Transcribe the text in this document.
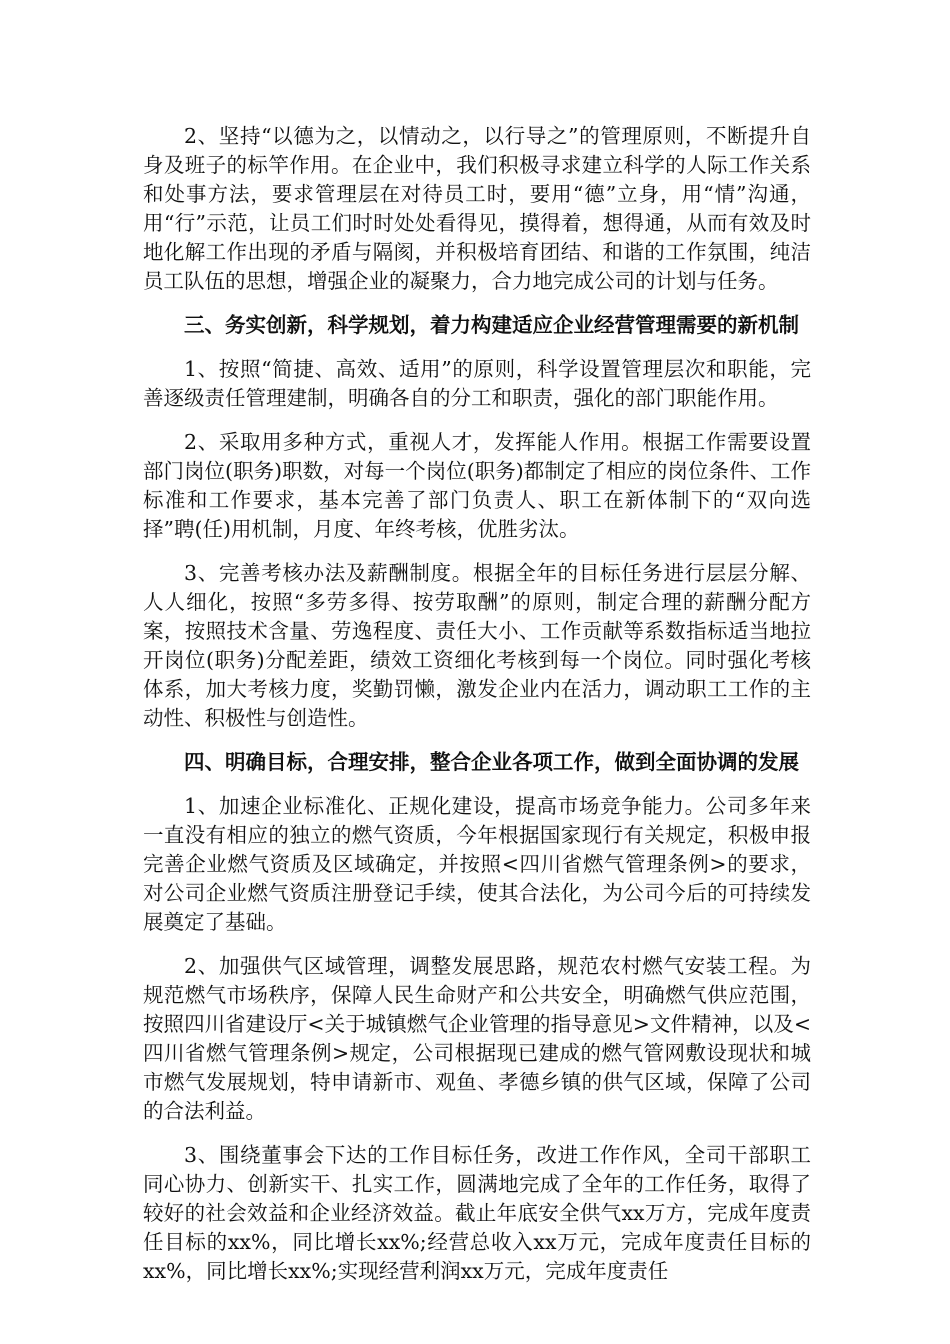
2、坚持“以德为之，以情动之，以行导之”的管理原则，不断提升自身及班子的标竿作用。在企业中，我们积极寻求建立科学的人际工作关系和处事方法，要求管理层在对待员工时，要用“德”立身，用“情”沟通，用“行”示范，让员工们时时处处看得见，摸得着，想得通，从而有效及时地化解工作出现的矛盾与隔阂，并积极培育团结、和谐的工作氛围，纯洁员工队伍的思想，增强企业的凝聚力，合力地完成公司的计划与任务。

三、务实创新，科学规划，着力构建适应企业经营管理需要的新机制

1、按照“简捷、高效、适用”的原则，科学设置管理层次和职能，完善逐级责任管理建制，明确各自的分工和职责，强化的部门职能作用。

2、采取用多种方式，重视人才，发挥能人作用。根据工作需要设置部门岗位(职务)职数，对每一个岗位(职务)都制定了相应的岗位条件、工作标准和工作要求，基本完善了部门负责人、职工在新体制下的“双向选择”聘(任)用机制，月度、年终考核，优胜劣汰。

3、完善考核办法及薪酬制度。根据全年的目标任务进行层层分解、人人细化，按照“多劳多得、按劳取酬”的原则，制定合理的薪酬分配方案，按照技术含量、劳逸程度、责任大小、工作贡献等系数指标适当地拉开岗位(职务)分配差距，绩效工资细化考核到每一个岗位。同时强化考核体系，加大考核力度，奖勤罚懒，激发企业内在活力，调动职工工作的主动性、积极性与创造性。

四、明确目标，合理安排，整合企业各项工作，做到全面协调的发展

1、加速企业标准化、正规化建设，提高市场竞争能力。公司多年来一直没有相应的独立的燃气资质，今年根据国家现行有关规定，积极申报完善企业燃气资质及区域确定，并按照<四川省燃气管理条例>的要求，对公司企业燃气资质注册登记手续，使其合法化，为公司今后的可持续发展奠定了基础。

2、加强供气区域管理，调整发展思路，规范农村燃气安装工程。为规范燃气市场秩序，保障人民生命财产和公共安全，明确燃气供应范围，按照四川省建设厅<关于城镇燃气企业管理的指导意见>文件精神，以及<四川省燃气管理条例>规定，公司根据现已建成的燃气管网敷设现状和城市燃气发展规划，特申请新市、观鱼、孝德乡镇的供气区域，保障了公司的合法利益。

3、围绕董事会下达的工作目标任务，改进工作作风，全司干部职工同心协力、创新实干、扎实工作，圆满地完成了全年的工作任务，取得了较好的社会效益和企业经济效益。截止年底安全供气xx万方，完成年度责任目标的xx%，同比增长xx%;经营总收入xx万元，完成年度责任目标的xx%，同比增长xx%;实现经营利润xx万元，完成年度责任
